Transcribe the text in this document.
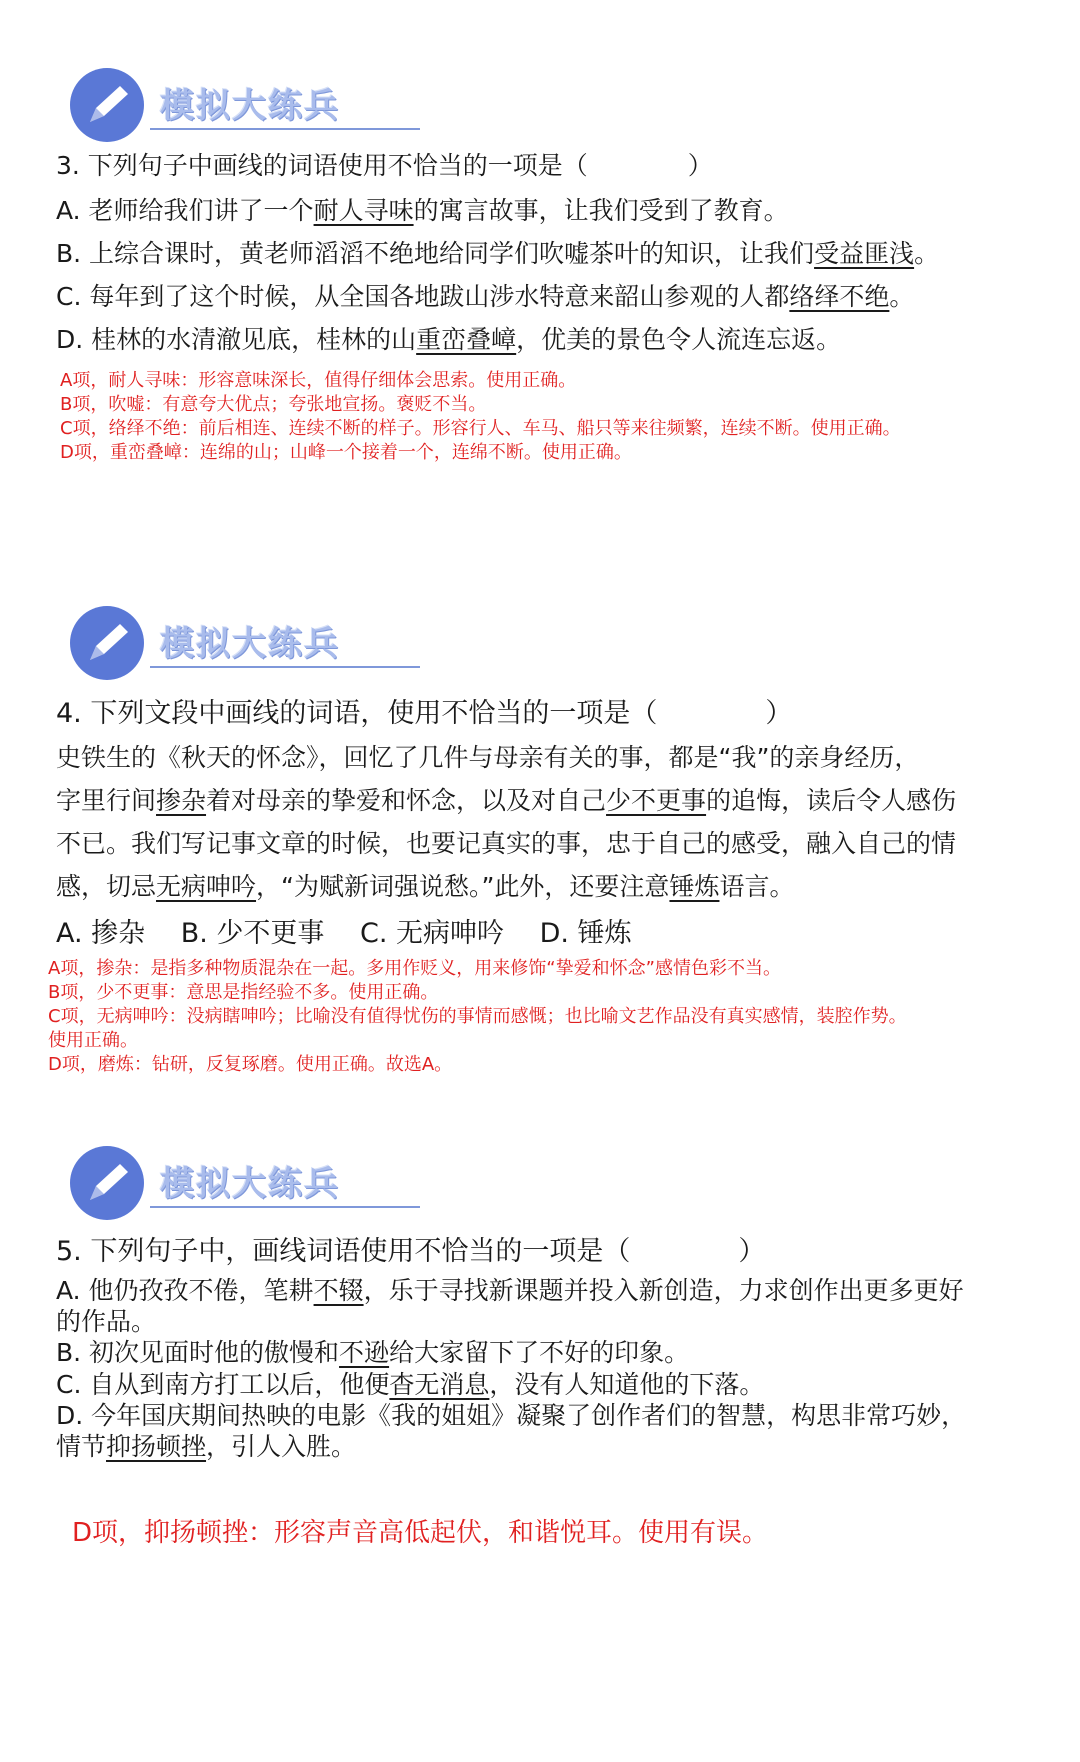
模拟大练兵
3. 下列句子中画线的词语使用不恰当的一项是（　　　　）
A. 老师给我们讲了一个耐人寻味的寓言故事，让我们受到了教育。
B. 上综合课时，黄老师滔滔不绝地给同学们吹嘘茶叶的知识，让我们受益匪浅。
C. 每年到了这个时候，从全国各地跋山涉水特意来韶山参观的人都络绎不绝。
D. 桂林的水清澈见底，桂林的山重峦叠嶂，优美的景色令人流连忘返。
A项，耐人寻味：形容意味深长，值得仔细体会思索。使用正确。
B项，吹嘘：有意夸大优点；夸张地宣扬。褒贬不当。
C项，络绎不绝：前后相连、连续不断的样子。形容行人、车马、船只等来往频繁，连续不断。使用正确。
D项，重峦叠嶂：连绵的山；山峰一个接着一个，连绵不断。使用正确。
模拟大练兵
4. 下列文段中画线的词语，使用不恰当的一项是（　　　　）
史铁生的《秋天的怀念》，回忆了几件与母亲有关的事，都是“我”的亲身经历，
字里行间掺杂着对母亲的挚爱和怀念，以及对自己少不更事的追悔，读后令人感伤
不已。我们写记事文章的时候，也要记真实的事，忠于自己的感受，融入自己的情
感，切忌无病呻吟，“为赋新词强说愁。”此外，还要注意锤炼语言。
A. 掺杂　 B. 少不更事　 C. 无病呻吟　 D. 锤炼
A项，掺杂：是指多种物质混杂在一起。多用作贬义，用来修饰“挚爱和怀念”感情色彩不当。
B项，少不更事：意思是指经验不多。使用正确。
C项，无病呻吟：没病瞎呻吟；比喻没有值得忧伤的事情而感慨；也比喻文艺作品没有真实感情，装腔作势。
使用正确。
D项，磨炼：钻研，反复琢磨。使用正确。故选A。
模拟大练兵
5. 下列句子中，画线词语使用不恰当的一项是（　　　　）
A. 他仍孜孜不倦，笔耕不辍，乐于寻找新课题并投入新创造，力求创作出更多更好
的作品。
B. 初次见面时他的傲慢和不逊给大家留下了不好的印象。
C. 自从到南方打工以后，他便杳无消息，没有人知道他的下落。
D. 今年国庆期间热映的电影《我的姐姐》凝聚了创作者们的智慧，构思非常巧妙，
情节抑扬顿挫，引人入胜。
D项，抑扬顿挫：形容声音高低起伏，和谐悦耳。使用有误。
